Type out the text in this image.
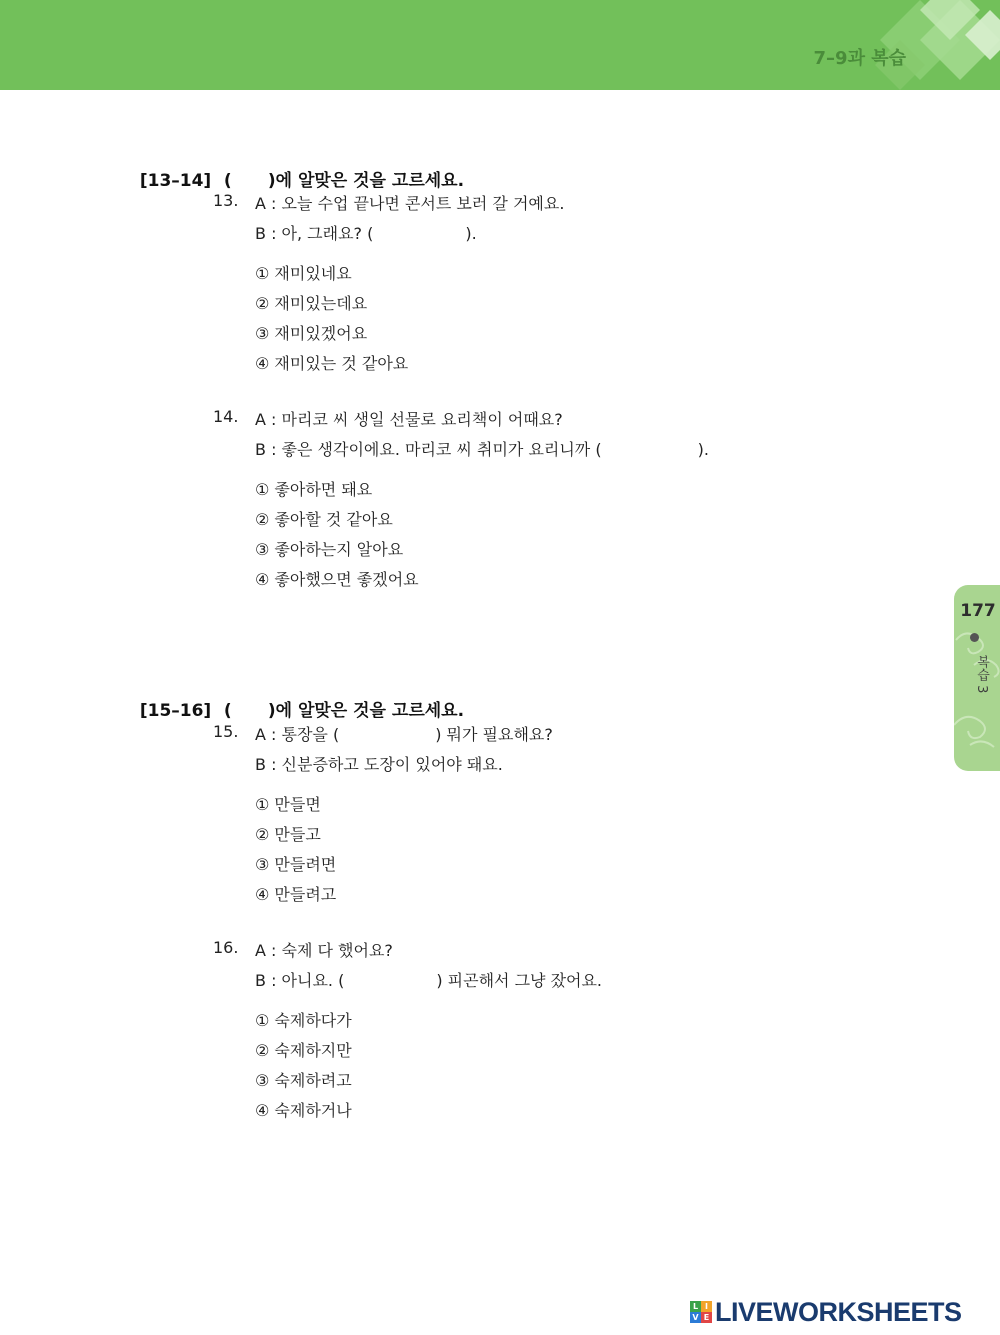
7–9과 복습

[13–14] ( )에 알맞은 것을 고르세요.

13.	A : 오늘 수업 끝나면 콘서트 보러 갈 거예요.
B : 아, 그래요? (	).
① 재미있네요
② 재미있는데요
③ 재미있겠어요
④ 재미있는 것 같아요
14.	A : 마리코 씨 생일 선물로 요리책이 어때요?
B : 좋은 생각이에요. 마리코 씨 취미가 요리니까 (	).
① 좋아하면 돼요
② 좋아할 것 같아요
③ 좋아하는지 알아요
④ 좋아했으면 좋겠어요

[15–16] ( )에 알맞은 것을 고르세요.

15.	A : 통장을 (	) 뭐가 필요해요?
B : 신분증하고 도장이 있어야 돼요.
① 만들면
② 만들고
③ 만들려면
④ 만들려고
16.	A : 숙제 다 했어요?
B : 아니요. (	) 피곤해서 그냥 잤어요.
① 숙제하다가
② 숙제하지만
③ 숙제하려고
④ 숙제하거나
177
복습 3
L I
V E LIVEWORKSHEETS
